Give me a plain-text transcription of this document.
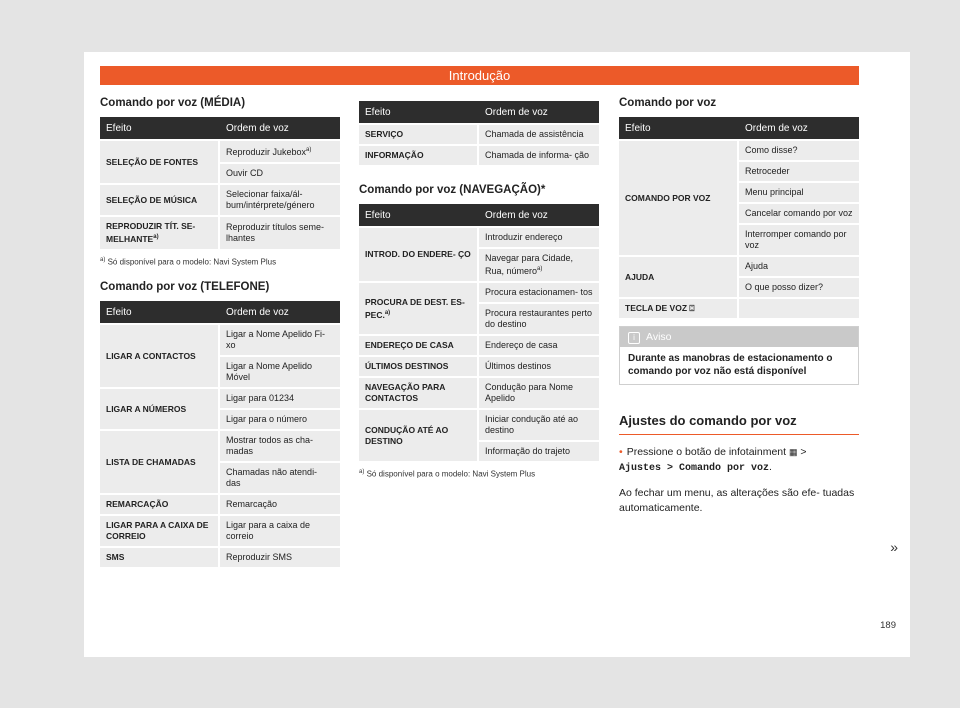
Introdução
Comando por voz (MÉDIA)
Efeito	Ordem de voz
SELEÇÃO DE FONTES	Reproduzir Jukebox$^{a)}$
	Ouvir CD
SELEÇÃO DE MÚSICA	Selecionar faixa/ál- bum/intérprete/género
REPRODUZIR TÍT. SE- MELHANTE$^{a)}$	Reproduzir títulos seme- lhantes
$^{a)}$ Só disponível para o modelo: Navi System Plus
Comando por voz (TELEFONE)
Efeito	Ordem de voz
LIGAR A CONTACTOS	Ligar a Nome Apelido Fi- xo
	Ligar a Nome Apelido Móvel
LIGAR A NÚMEROS	Ligar para 01234
	Ligar para o número
LISTA DE CHAMADAS	Mostrar todos as cha- madas
	Chamadas não atendi- das
REMARCAÇÃO	Remarcação
LIGAR PARA A CAIXA DE CORREIO	Ligar para a caixa de correio
SMS	Reproduzir SMS
Efeito	Ordem de voz
SERVIÇO	Chamada de assistência
INFORMAÇÃO	Chamada de informa- ção
Comando por voz (NAVEGAÇÃO)*
Efeito	Ordem de voz
INTROD. DO ENDERE- ÇO	Introduzir endereço
	Navegar para Cidade, Rua, número$^{a)}$
PROCURA DE DEST. ES- PEC.$^{a)}$	Procura estacionamen- tos
	Procura restaurantes perto do destino
ENDEREÇO DE CASA	Endereço de casa
ÚLTIMOS DESTINOS	Últimos destinos
NAVEGAÇÃO PARA CONTACTOS	Condução para Nome Apelido
CONDUÇÃO ATÉ AO DESTINO	Iniciar condução até ao destino
	Informação do trajeto
$^{a)}$ Só disponível para o modelo: Navi System Plus
Comando por voz
Efeito	Ordem de voz
COMANDO POR VOZ	Como disse?
	Retroceder
	Menu principal
	Cancelar comando por voz
	Interromper comando por voz
AJUDA	Ajuda
	O que posso dizer?
TECLA DE VOZ ⍠	
i Aviso
Durante as manobras de estacionamento o comando por voz não está disponível
Ajustes do comando por voz
• Pressione o botão de infotainment ▦ >
Ajustes > Comando por voz.
Ao fechar um menu, as alterações são efe- tuadas automaticamente.
»
189
